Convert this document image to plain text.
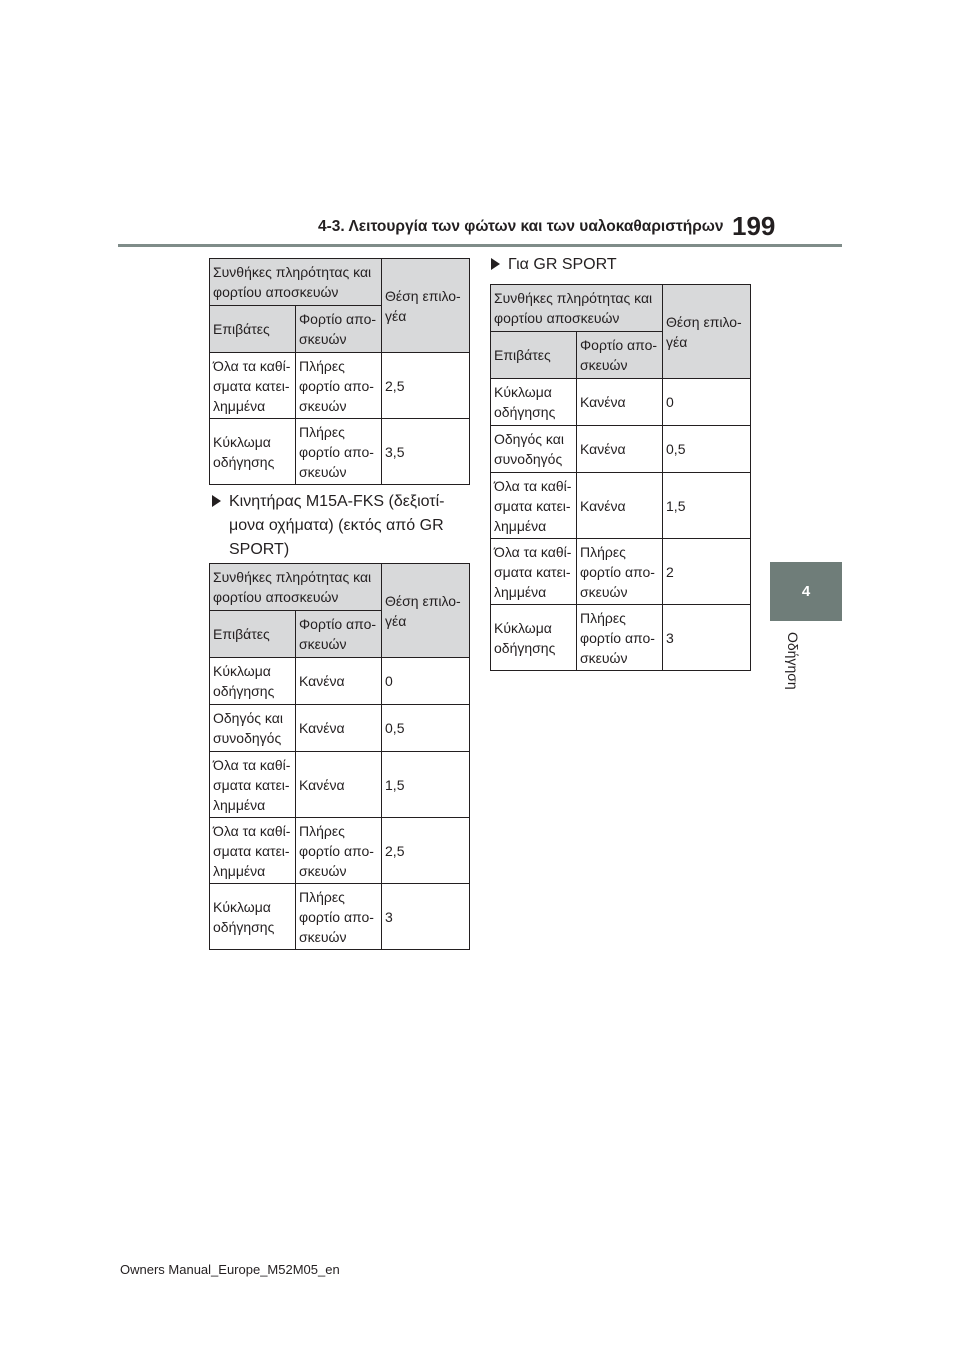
4-3. Λειτουργία των φώτων και των υαλοκαθαριστήρων 199
4
Οδήγηση
Συνθήκες πληρότητας και
φορτίου αποσκευών		Θέση επιλο-
γέα
Επιβάτες	Φορτίο απο-
σκευών	
Όλα τα καθί-
σματα κατει-
λημμένα	Πλήρες
φορτίο απο-
σκευών	2,5
Κύκλωμα
οδήγησης	Πλήρες
φορτίο απο-
σκευών	3,5
Κινητήρας M15A-FKS (δεξιοτί-
μονα οχήματα) (εκτός από GR
SPORT)
Συνθήκες πληρότητας και
φορτίου αποσκευών		Θέση επιλο-
γέα
Επιβάτες	Φορτίο απο-
σκευών	
Κύκλωμα
οδήγησης	Κανένα	0
Οδηγός και
συνοδηγός	Κανένα	0,5
Όλα τα καθί-
σματα κατει-
λημμένα	Κανένα	1,5
Όλα τα καθί-
σματα κατει-
λημμένα	Πλήρες
φορτίο απο-
σκευών	2,5
Κύκλωμα
οδήγησης	Πλήρες
φορτίο απο-
σκευών	3
Για GR SPORT
Συνθήκες πληρότητας και
φορτίου αποσκευών		Θέση επιλο-
γέα
Επιβάτες	Φορτίο απο-
σκευών	
Κύκλωμα
οδήγησης	Κανένα	0
Οδηγός και
συνοδηγός	Κανένα	0,5
Όλα τα καθί-
σματα κατει-
λημμένα	Κανένα	1,5
Όλα τα καθί-
σματα κατει-
λημμένα	Πλήρες
φορτίο απο-
σκευών	2
Κύκλωμα
οδήγησης	Πλήρες
φορτίο απο-
σκευών	3
Owners Manual_Europe_M52M05_en
